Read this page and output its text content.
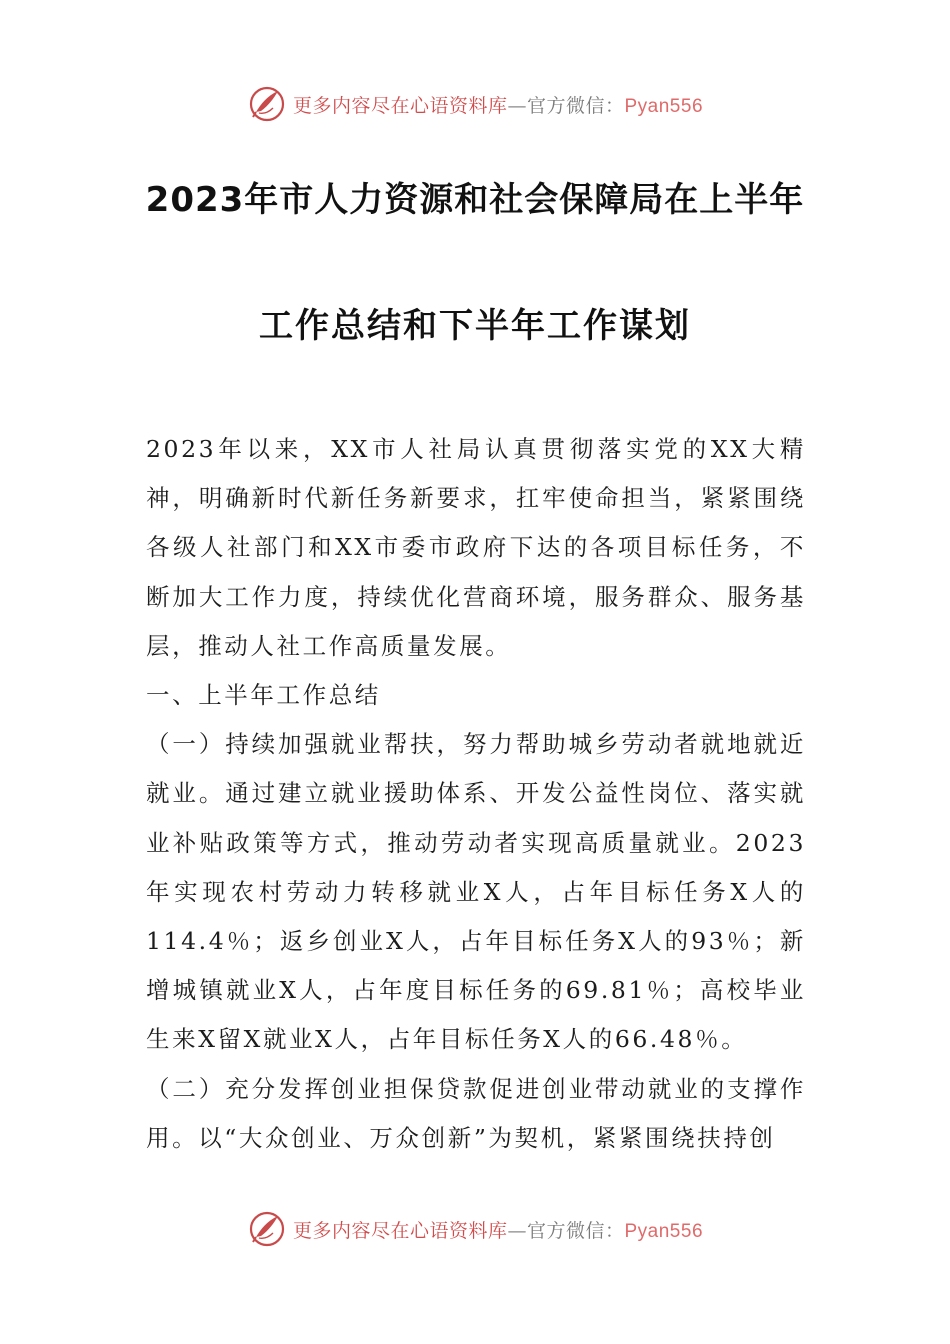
更多内容尽在心语资料库—官方微信：Pyan556
2023年市人力资源和社会保障局在上半年
工作总结和下半年工作谋划

2023年以来，XX市人社局认真贯彻落实党的XX大精神，明确新时代新任务新要求，扛牢使命担当，紧紧围绕各级人社部门和XX市委市政府下达的各项目标任务，不断加大工作力度，持续优化营商环境，服务群众、服务基层，推动人社工作高质量发展。

一、上半年工作总结

（一）持续加强就业帮扶，努力帮助城乡劳动者就地就近就业。通过建立就业援助体系、开发公益性岗位、落实就业补贴政策等方式，推动劳动者实现高质量就业。2023年实现农村劳动力转移就业X人，占年目标任务X人的114.4％；返乡创业X人，占年目标任务X人的93％；新增城镇就业X人，占年度目标任务的69.81％；高校毕业生来X留X就业X人，占年目标任务X人的66.48％。

（二）充分发挥创业担保贷款促进创业带动就业的支撑作用。以“大众创业、万众创新”为契机，紧紧围绕扶持创

更多内容尽在心语资料库—官方微信：Pyan556
